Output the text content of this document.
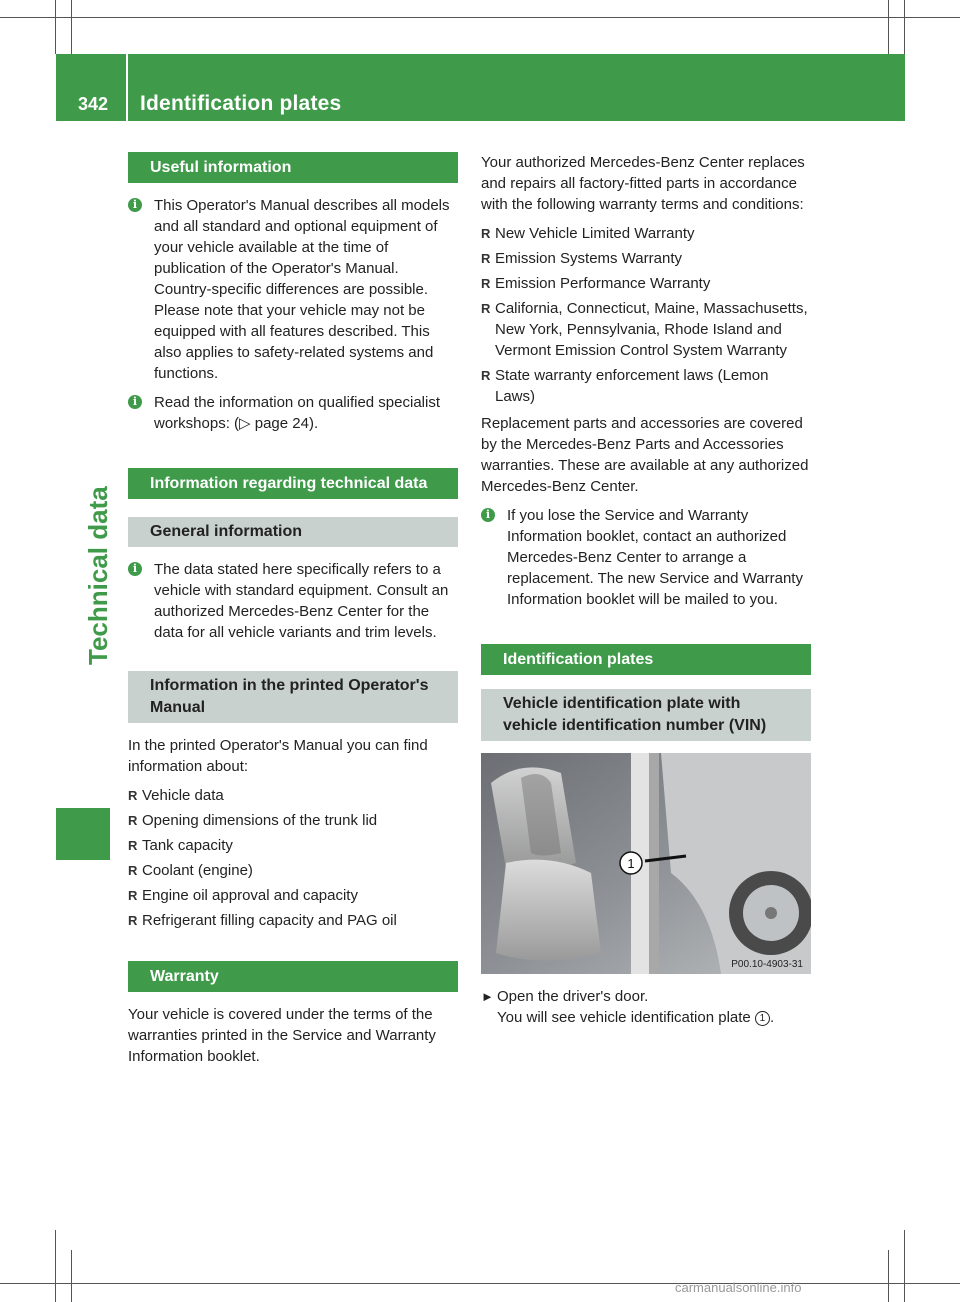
342 Identification plates
Technical data
Useful information
i	This Operator's Manual describes all models and all standard and optional equipment of your vehicle available at the time of publication of the Operator's Manual. Country-specific differences are possible. Please note that your vehicle may not be equipped with all features described. This also applies to safety-related systems and functions.
i	Read the information on qualified specialist workshops: (▷ page 24).
Information regarding technical data
General information
i	The data stated here specifically refers to a vehicle with standard equipment. Consult an authorized Mercedes-Benz Center for the data for all vehicle variants and trim levels.
Information in the printed Operator's Manual

In the printed Operator's Manual you can find information about:

R Vehicle data
R Opening dimensions of the trunk lid
R Tank capacity
R Coolant (engine)
R Engine oil approval and capacity
R Refrigerant filling capacity and PAG oil
Warranty

Your vehicle is covered under the terms of the warranties printed in the Service and Warranty Information booklet.

Your authorized Mercedes-Benz Center replaces and repairs all factory-fitted parts in accordance with the following warranty terms and conditions:

R New Vehicle Limited Warranty
R Emission Systems Warranty
R Emission Performance Warranty
R California, Connecticut, Maine, Massachusetts, New York, Pennsylvania, Rhode Island and Vermont Emission Control System Warranty
R State warranty enforcement laws (Lemon Laws)

Replacement parts and accessories are covered by the Mercedes-Benz Parts and Accessories warranties. These are available at any authorized Mercedes-Benz Center.

i	If you lose the Service and Warranty Information booklet, contact an authorized Mercedes-Benz Center to arrange a replacement. The new Service and Warranty Information booklet will be mailed to you.
Identification plates
Vehicle identification plate with vehicle identification number (VIN)
1
P00.10-4903-31
► Open the driver's door.
You will see vehicle identification plate 1 .
carmanualsonline.info
